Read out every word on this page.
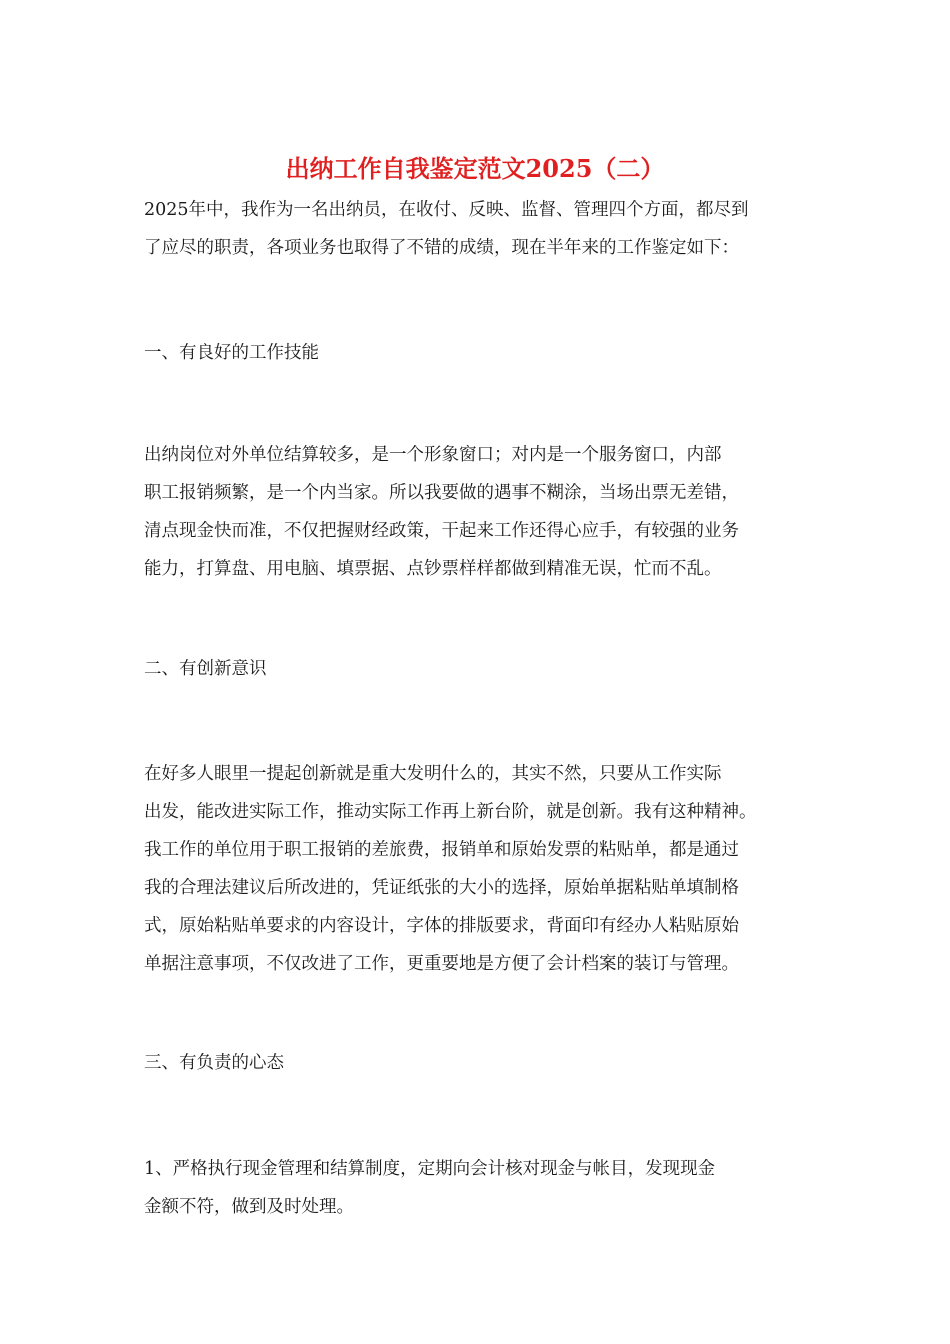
出纳工作自我鉴定范文2025（二）

2025年中，我作为一名出纳员，在收付、反映、监督、管理四个方面，都尽到
了应尽的职责，各项业务也取得了不错的成绩，现在半年来的工作鉴定如下：

一、有良好的工作技能

出纳岗位对外单位结算较多，是一个形象窗口；对内是一个服务窗口，内部
职工报销频繁，是一个内当家。所以我要做的遇事不糊涂，当场出票无差错，
清点现金快而准，不仅把握财经政策，干起来工作还得心应手，有较强的业务
能力，打算盘、用电脑、填票据、点钞票样样都做到精准无误，忙而不乱。

二、有创新意识

在好多人眼里一提起创新就是重大发明什么的，其实不然，只要从工作实际
出发，能改进实际工作，推动实际工作再上新台阶，就是创新。我有这种精神。
我工作的单位用于职工报销的差旅费，报销单和原始发票的粘贴单，都是通过
我的合理法建议后所改进的，凭证纸张的大小的选择，原始单据粘贴单填制格
式，原始粘贴单要求的内容设计，字体的排版要求，背面印有经办人粘贴原始
单据注意事项，不仅改进了工作，更重要地是方便了会计档案的装订与管理。

三、有负责的心态

1、严格执行现金管理和结算制度，定期向会计核对现金与帐目，发现现金
金额不符，做到及时处理。
